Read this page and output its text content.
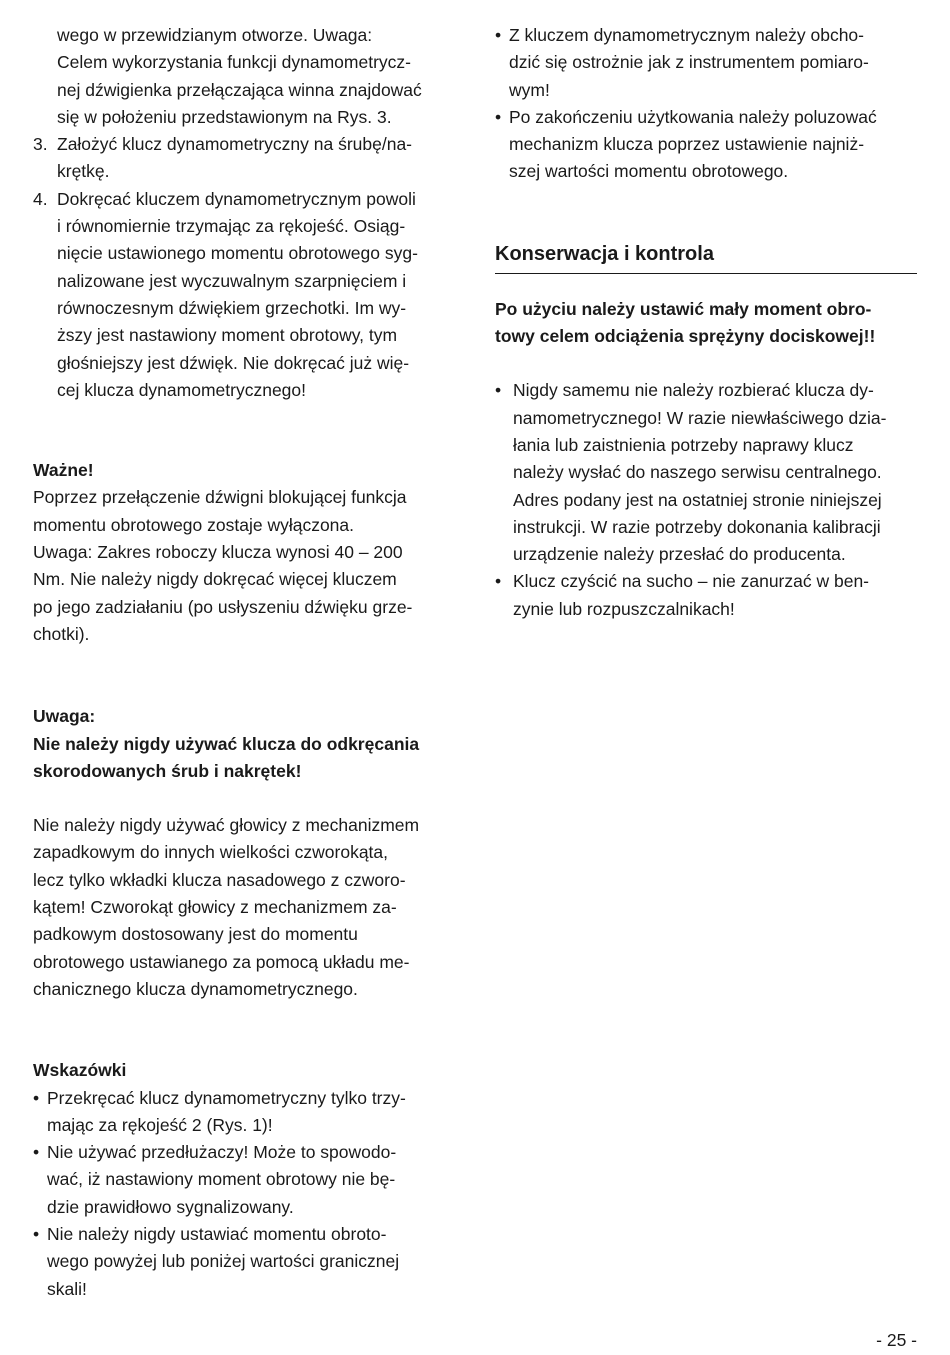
wego w przewidzianym otworze. Uwaga:

Celem wykorzystania funkcji dynamometrycz-

nej dźwigienka przełączająca winna znajdować

się w położeniu przedstawionym na Rys. 3.

3. Założyć klucz dynamometryczny na śrubę/na-

krętkę.

4. Dokręcać kluczem dynamometrycznym powoli

i równomiernie trzymając za rękojeść. Osiąg-

nięcie ustawionego momentu obrotowego syg-

nalizowane jest wyczuwalnym szarpnięciem i

równoczesnym dźwiękiem grzechotki. Im wy-

ższy jest nastawiony moment obrotowy, tym

głośniejszy jest dźwięk. Nie dokręcać już wię-

cej klucza dynamometrycznego!

Ważne!

Poprzez przełączenie dźwigni blokującej funkcja

momentu obrotowego zostaje wyłączona.

Uwaga: Zakres roboczy klucza wynosi 40 – 200

Nm. Nie należy nigdy dokręcać więcej kluczem

po jego zadziałaniu (po usłyszeniu dźwięku grze-

chotki).

Uwaga:

Nie należy nigdy używać klucza do odkręcania

skorodowanych śrub i nakrętek!

Nie należy nigdy używać głowicy z mechanizmem

zapadkowym do innych wielkości czworokąta,

lecz tylko wkładki klucza nasadowego z czworo-

kątem! Czworokąt głowicy z mechanizmem za-

padkowym dostosowany jest do momentu

obrotowego ustawianego za pomocą układu me-

chanicznego klucza dynamometrycznego.

Wskazówki

• Przekręcać klucz dynamometryczny tylko trzy-

mając za rękojeść 2 (Rys. 1)!

• Nie używać przedłużaczy! Może to spowodo-

wać, iż nastawiony moment obrotowy nie bę-

dzie prawidłowo sygnalizowany.

• Nie należy nigdy ustawiać momentu obroto-

wego powyżej lub poniżej wartości granicznej

skali!

• Z kluczem dynamometrycznym należy obcho-

dzić się ostrożnie jak z instrumentem pomiaro-

wym!

• Po zakończeniu użytkowania należy poluzować

mechanizm klucza poprzez ustawienie najniż-

szej wartości momentu obrotowego.

Konserwacja i kontrola

Po użyciu należy ustawić mały moment obro-

towy celem odciążenia sprężyny dociskowej!!

• Nigdy samemu nie należy rozbierać klucza dy-

namometrycznego! W razie niewłaściwego dzia-

łania lub zaistnienia potrzeby naprawy klucz

należy wysłać do naszego serwisu centralnego.

Adres podany jest na ostatniej stronie niniejszej

instrukcji. W razie potrzeby dokonania kalibracji

urządzenie należy przesłać do producenta.

• Klucz czyścić na sucho – nie zanurzać w ben-

zynie lub rozpuszczalnikach!

- 25 -
